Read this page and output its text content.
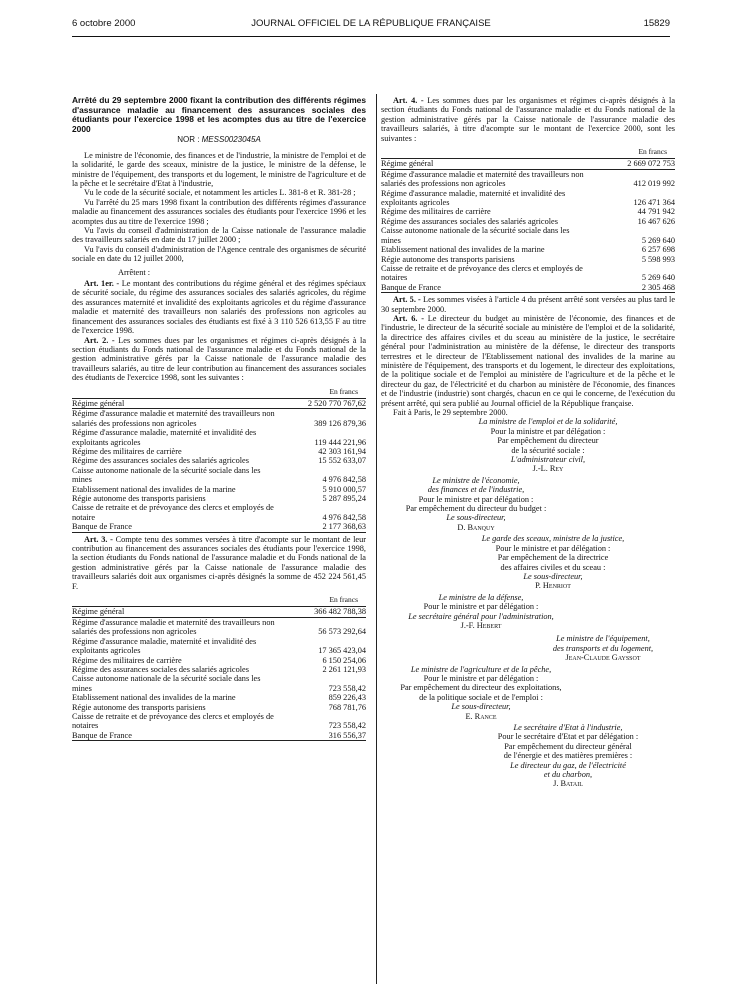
6 octobre 2000	JOURNAL OFFICIEL DE LA RÉPUBLIQUE FRANÇAISE	15829

Arrêté du 29 septembre 2000 fixant la contribution des différents régimes d'assurance maladie au financement des assurances sociales des étudiants pour l'exercice 1998 et les acomptes dus au titre de l'exercice 2000

NOR : MESS0023045A

Le ministre de l'économie, des finances et de l'industrie, la ministre de l'emploi et de la solidarité, le garde des sceaux, ministre de la justice, le ministre de la défense, le ministre de l'équipement, des transports et du logement, le ministre de l'agriculture et de la pêche et le secrétaire d'Etat à l'industrie,

Vu le code de la sécurité sociale, et notamment les articles L. 381-8 et R. 381-28 ;

Vu l'arrêté du 25 mars 1998 fixant la contribution des différents régimes d'assurance maladie au financement des assurances sociales des étudiants pour l'exercice 1996 et les acomptes dus au titre de l'exercice 1998 ;

Vu l'avis du conseil d'administration de la Caisse nationale de l'assurance maladie des travailleurs salariés en date du 17 juillet 2000 ;

Vu l'avis du conseil d'administration de l'Agence centrale des organismes de sécurité sociale en date du 12 juillet 2000,

Arrêtent :

Art. 1er. - Le montant des contributions du régime général et des régimes spéciaux de sécurité sociale, du régime des assurances sociales des salariés agricoles, du régime des assurances maternité et invalidité des exploitants agricoles et du régime d'assurance maladie et maternité des travailleurs non salariés des professions non agricoles au financement des assurances sociales des étudiants est fixé à 3 110 526 613,55 F au titre de l'exercice 1998.

Art. 2. - Les sommes dues par les organismes et régimes ci-après désignés à la section étudiants du Fonds national de l'assurance maladie et du Fonds national de la gestion administrative gérés par la Caisse nationale de l'assurance maladie des travailleurs salariés, au titre de leur contribution au financement des assurances sociales des étudiants de l'exercice 1998, sont les suivantes :

En francs
Régime général	2 520 770 767,62
Régime d'assurance maladie et maternité des travailleurs non salariés des professions non agricoles	389 126 879,36
Régime d'assurance maladie, maternité et invalidité des exploitants agricoles	119 444 221,96
Régime des militaires de carrière	42 303 161,94
Régime des assurances sociales des salariés agricoles	15 552 633,07
Caisse autonome nationale de la sécurité sociale dans les mines	4 976 842,58
Etablissement national des invalides de la marine	5 910 000,57
Régie autonome des transports parisiens	5 287 895,24
Caisse de retraite et de prévoyance des clercs et employés de notaire	4 976 842,58
Banque de France	2 177 368,63

Art. 3. - Compte tenu des sommes versées à titre d'acompte sur le montant de leur contribution au financement des assurances sociales des étudiants pour l'exercice 1998, la section étudiants du Fonds national de l'assurance maladie et du Fonds national de la gestion administrative gérés par la Caisse nationale de l'assurance maladie des travailleurs salariés doit aux organismes ci-après désignés la somme de 452 224 561,45 F.

En francs
Régime général	366 482 788,38
Régime d'assurance maladie et maternité des travailleurs non salariés des professions non agricoles	56 573 292,64
Régime d'assurance maladie, maternité et invalidité des exploitants agricoles	17 365 423,04
Régime des militaires de carrière	6 150 254,06
Régime des assurances sociales des salariés agricoles	2 261 121,93
Caisse autonome nationale de la sécurité sociale dans les mines	723 558,42
Etablissement national des invalides de la marine	859 226,43
Régie autonome des transports parisiens	768 781,76
Caisse de retraite et de prévoyance des clercs et employés de notaires	723 558,42
Banque de France	316 556,37

Art. 4. - Les sommes dues par les organismes et régimes ci-après désignés à la section étudiants du Fonds national de l'assurance maladie et du Fonds national de la gestion administrative gérés par la Caisse nationale de l'assurance maladie des travailleurs salariés, à titre d'acompte sur le montant de l'exercice 2000, sont les suivantes :

En francs
Régime général	2 669 072 753
Régime d'assurance maladie et maternité des travailleurs non salariés des professions non agricoles	412 019 992
Régime d'assurance maladie, maternité et invalidité des exploitants agricoles	126 471 364
Régime des militaires de carrière	44 791 942
Régime des assurances sociales des salariés agricoles	16 467 626
Caisse autonome nationale de la sécurité sociale dans les mines	5 269 640
Etablissement national des invalides de la marine	6 257 698
Régie autonome des transports parisiens	5 598 993
Caisse de retraite et de prévoyance des clercs et employés de notaires	5 269 640
Banque de France	2 305 468

Art. 5. - Les sommes visées à l'article 4 du présent arrêté sont versées au plus tard le 30 septembre 2000.

Art. 6. - Le directeur du budget au ministère de l'économie, des finances et de l'industrie, le directeur de la sécurité sociale au ministère de l'emploi et de la solidarité, la directrice des affaires civiles et du sceau au ministère de la justice, le secrétaire général pour l'administration au ministère de la défense, le directeur des transports terrestres et le directeur de l'Etablissement national des invalides de la marine au ministère de l'équipement, des transports et du logement, le directeur des exploitations, de la politique sociale et de l'emploi au ministère de l'agriculture et de la pêche et le directeur du gaz, de l'électricité et du charbon au ministère de l'économie, des finances et de l'industrie (industrie) sont chargés, chacun en ce qui le concerne, de l'exécution du présent arrêté, qui sera publié au Journal officiel de la République française.

Fait à Paris, le 29 septembre 2000.

La ministre de l'emploi et de la solidarité,
Pour la ministre et par délégation :
Par empêchement du directeur
de la sécurité sociale :
L'administrateur civil,
J.-L. Rey
Le ministre de l'économie,
des finances et de l'industrie,
Pour le ministre et par délégation :
Par empêchement du directeur du budget :
Le sous-directeur,
D. Banquy
Le garde des sceaux, ministre de la justice,
Pour le ministre et par délégation :
Par empêchement de la directrice
des affaires civiles et du sceau :
Le sous-directeur,
P. Henriot
Le ministre de la défense,
Pour le ministre et par délégation :
Le secrétaire général pour l'administration,
J.-F. Hebert
Le ministre de l'équipement,
des transports et du logement,
Jean-Claude Gayssot
Le ministre de l'agriculture et de la pêche,
Pour le ministre et par délégation :
Par empêchement du directeur des exploitations,
de la politique sociale et de l'emploi :
Le sous-directeur,
E. Rance
Le secrétaire d'Etat à l'industrie,
Pour le secrétaire d'Etat et par délégation :
Par empêchement du directeur général
de l'énergie et des matières premières :
Le directeur du gaz, de l'électricité
et du charbon,
J. Batail
